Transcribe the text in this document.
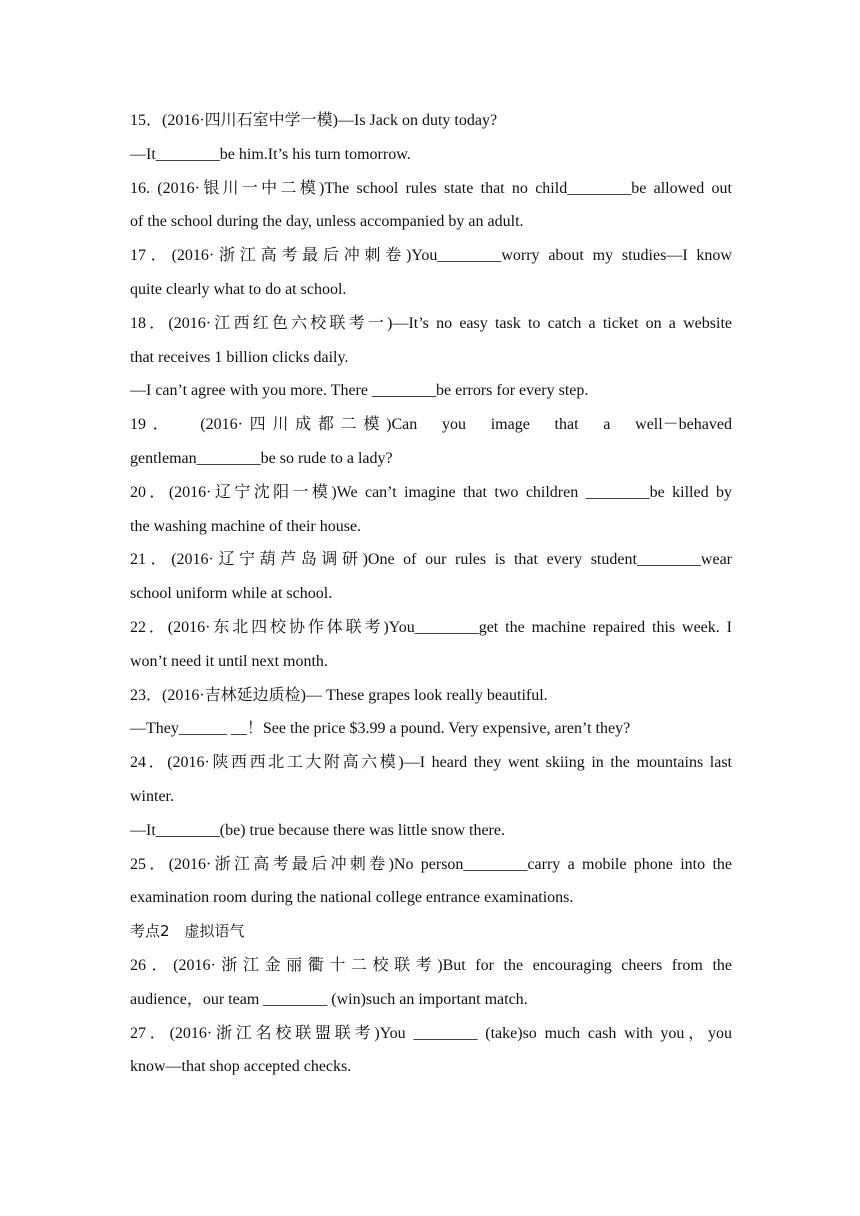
15．(2016·四川石室中学一模)—Is Jack on duty today?
—It________be him.It’s his turn tomorrow.
16. (2016·银川一中二模)The school rules state that no child________be allowed out
of the school during the day, unless accompanied by an adult.
17．(2016·浙江高考最后冲刺卷)You________worry about my studies—I know
quite clearly what to do at school.
18．(2016·江西红色六校联考一)—It’s no easy task to catch a ticket on a website
that receives 1 billion clicks daily.
—I can’t agree with you more. There ________be errors for every step.
19． (2016·四川成都二模)Can you image that a well－behaved
gentleman________be so rude to a lady?
20．(2016·辽宁沈阳一模)We can’t imagine that two children ________be killed by
the washing machine of their house.
21．(2016·辽宁葫芦岛调研)One of our rules is that every student________wear
school uniform while at school.
22．(2016·东北四校协作体联考)You________get the machine repaired this week. I
won’t need it until next month.
23．(2016·吉林延边质检)— These grapes look really beautiful.
—They______ __！See the price $3.99 a pound. Very expensive, aren’t they?
24．(2016·陕西西北工大附高六模)—I heard they went skiing in the mountains last
winter.
—It________(be) true because there was little snow there.
25．(2016·浙江高考最后冲刺卷)No person________carry a mobile phone into the
examination room during the national college entrance examinations.
考点2　虚拟语气
26．(2016·浙江金丽衢十二校联考)But for the encouraging cheers from the
audience，our team ________ (win)such an important match.
27．(2016·浙江名校联盟联考)You ________ (take)so much cash with you，you
know—that shop accepted checks.
